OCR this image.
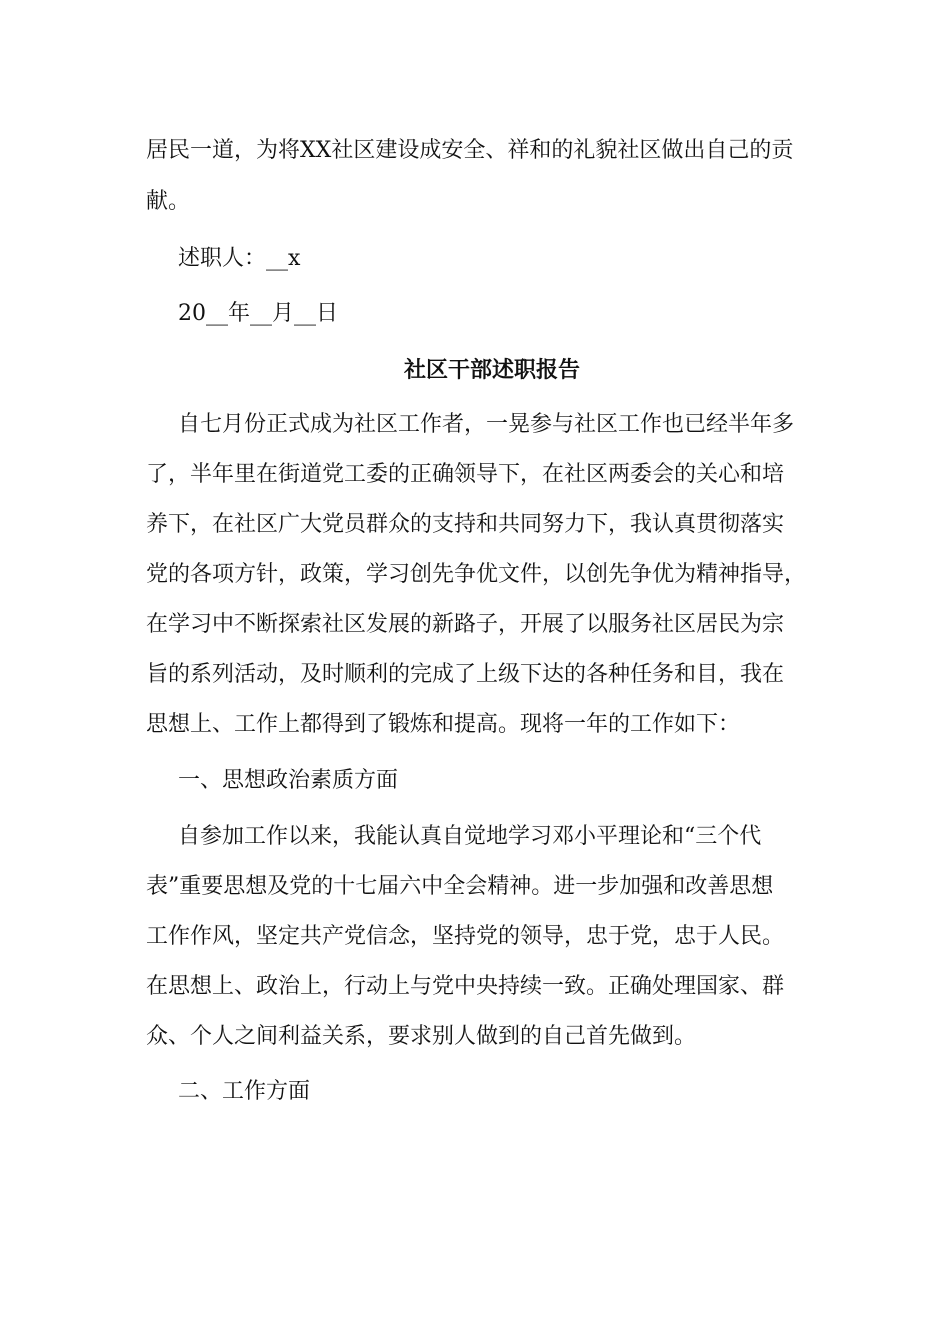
居民一道，为将XX社区建设成安全、祥和的礼貌社区做出自己的贡
献。
述职人：__x
20__年__月__日
社区干部述职报告
自七月份正式成为社区工作者，一晃参与社区工作也已经半年多
了，半年里在街道党工委的正确领导下，在社区两委会的关心和培
养下，在社区广大党员群众的支持和共同努力下，我认真贯彻落实
党的各项方针，政策，学习创先争优文件，以创先争优为精神指导，
在学习中不断探索社区发展的新路子，开展了以服务社区居民为宗
旨的系列活动，及时顺利的完成了上级下达的各种任务和目，我在
思想上、工作上都得到了锻炼和提高。现将一年的工作如下：
一、思想政治素质方面
自参加工作以来，我能认真自觉地学习邓小平理论和“三个代
表”重要思想及党的十七届六中全会精神。进一步加强和改善思想
工作作风，坚定共产党信念，坚持党的领导，忠于党，忠于人民。
在思想上、政治上，行动上与党中央持续一致。正确处理国家、群
众、个人之间利益关系，要求别人做到的自己首先做到。
二、工作方面
